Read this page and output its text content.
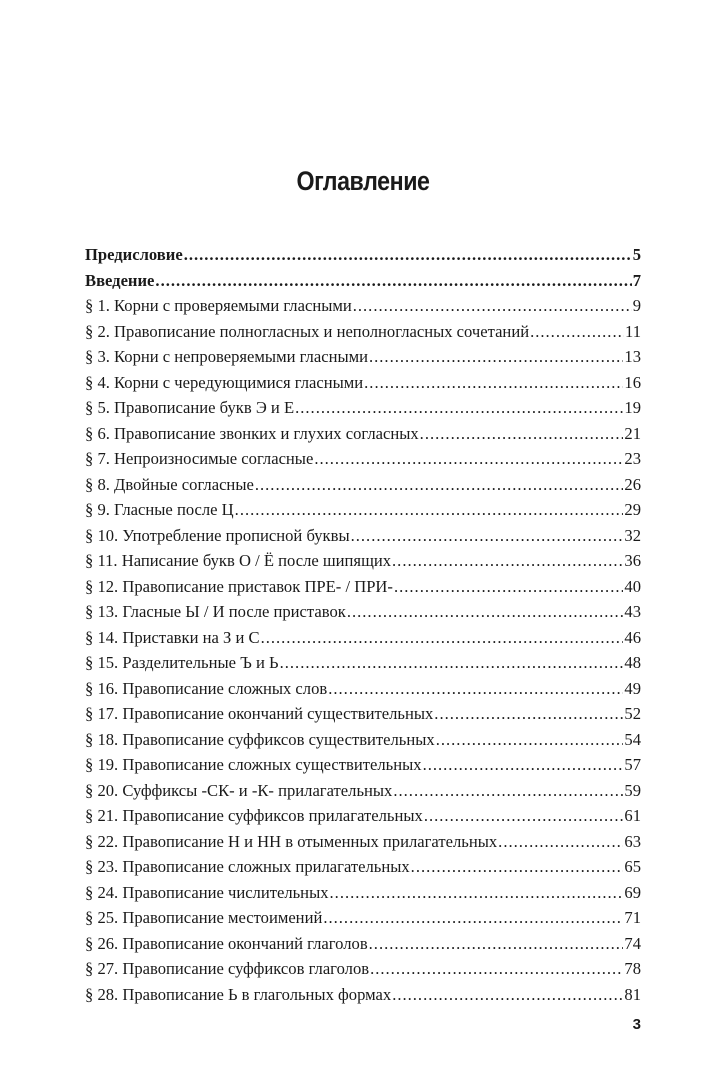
Оглавление
Предисловие .....	5
Введение .....	7
§ 1. Корни с проверяемыми гласными .....	9
§ 2. Правописание полногласных и неполногласных сочетаний .....	11
§ 3. Корни с непроверяемыми гласными .....	13
§ 4. Корни с чередующимися гласными .....	16
§ 5. Правописание букв Э и Е .....	19
§ 6. Правописание звонких и глухих согласных .....	21
§ 7. Непроизносимые согласные .....	23
§ 8. Двойные согласные .....	26
§ 9. Гласные после Ц .....	29
§ 10. Употребление прописной буквы .....	32
§ 11. Написание букв О / Ё после шипящих .....	36
§ 12. Правописание приставок ПРЕ- / ПРИ- .....	40
§ 13. Гласные Ы / И после приставок .....	43
§ 14. Приставки на З и С .....	46
§ 15. Разделительные Ъ и Ь .....	48
§ 16. Правописание сложных слов .....	49
§ 17. Правописание окончаний существительных .....	52
§ 18. Правописание суффиксов существительных .....	54
§ 19. Правописание сложных существительных .....	57
§ 20. Суффиксы -СК- и -К- прилагательных .....	59
§ 21. Правописание суффиксов прилагательных .....	61
§ 22. Правописание Н и НН в отыменных прилагательных .....	63
§ 23. Правописание сложных прилагательных .....	65
§ 24. Правописание числительных .....	69
§ 25. Правописание местоимений .....	71
§ 26. Правописание окончаний глаголов .....	74
§ 27. Правописание суффиксов глаголов .....	78
§ 28. Правописание Ь в глагольных формах .....	81
3
